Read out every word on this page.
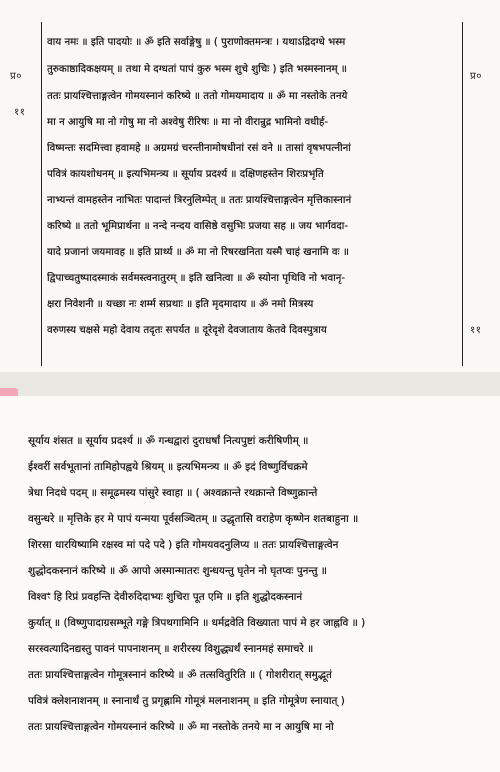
प्र०
११
प्र०
११
वाय नमः ॥ इति पादयोः ॥ ॐ इति सर्वाङ्गेषु ॥ ( पुराणोक्तमन्त्रः । यथाऽद्रिदग्धे भस्म
तुरुकाष्ठादिकक्षयम् ॥ तथा मे दग्धतां पापं कुरु भस्म शुचे शुचिः ) इति भस्मस्नानम् ॥
ततः प्रायश्चित्ताङ्गत्वेन गोमयस्नानं करिष्ये ॥ ततो गोमयमादाय ॥ ॐ मा नस्तोके तनये
मा न आयुषि मा नो गोषु मा नो अश्वेषु रीरिषः ॥ मा नो वीरान्रुद्र भामिनो वधीर्ह-
विष्मन्तः सदमित्त्वा हवामहे ॥ अग्रमग्रं चरन्तीनामोषधीनां रसं वने ॥ तासां वृषभपत्नीनां
पवित्रं कायशोधनम् ॥ इत्यभिमन्त्र्य ॥ सूर्याय प्रदर्श्य ॥ दक्षिणहस्तेन शिरःप्रभृति
नाभ्यन्तं वामहस्तेन नाभितः पादान्तं त्रिरनुलिम्पेत् ॥ ततः प्रायश्चित्ताङ्गत्वेन मृत्तिकास्नानं
करिष्ये ॥ ततो भूमिप्रार्थना ॥ नन्दे नन्दय वासिष्ठे वसुभिः प्रजया सह ॥ जय भार्गवदा-
यादे प्रजानां जयमावह ॥ इति प्रार्थ्य ॥ ॐ मा नो रिषरखनिता यस्मै चाहं खनामि वः ॥
द्विपाच्चतुष्पादस्माकं सर्वमस्त्वनातुरम् ॥ इति खनित्वा ॥ ॐ स्योना पृथिवि नो भवानृ-
क्षरा निवेशनी ॥ यच्छा नः शर्म्म सप्रथाः ॥ इति मृदमादाय ॥ ॐ नमो मित्रस्य
वरुणस्य चक्षसे महो देवाय तदृतः सपर्यत ॥ दूरेदृशे देवजाताय केतवे दिवस्पुत्राय
सूर्याय शंसत ॥ सूर्याय प्रदर्श्य ॥ ॐ गन्धद्वारां दुराधर्षां नित्यपुष्टां करीषिणीम् ॥
ईश्वरीं सर्वभूतानां तामिहोपह्वये श्रियम् ॥ इत्यभिमन्त्र्य ॥ ॐ इदं विष्णुर्विचक्रमे
त्रेधा निदधे पदम् ॥ समूढमस्य पांसुरे स्वाहा ॥ ( अश्वक्रान्ते रथक्रान्ते विष्णुक्रान्ते
वसुन्धरे ॥ मृत्तिके हर मे पापं यन्मया पूर्वसञ्चितम् ॥ उद्धृतासि वराहेण कृष्णेन शतबाहुना ॥
शिरसा धारयिष्यामि रक्षस्व मां पदे पदे ) इति गोमयवदनुलिप्य ॥ ततः प्रायश्चित्ताङ्गत्वेन
शुद्धोदकस्नानं करिष्ये ॥ ॐ आपो अस्मान्मातरः शुन्धयन्तु घृतेन नो घृतप्वः पुनन्तु ॥
विश्वꣳ हि रिप्रं प्रवहन्ति देवीरुदिदाभ्यः शुचिरा पूत एमि ॥ इति शुद्धोदकस्नानं
कुर्यात् ॥ (विष्णुपादाग्रसम्भूते गङ्गे त्रिपथगामिनि ॥ धर्मद्रवेति विख्याता पापं मे हर जाह्नवि ॥ )
सरस्वत्यादिनद्यस्तु पावनं पापनाशनम् ॥ शरीरस्य विशुद्ध्यर्थं स्नानमहं समाचरे ॥
ततः प्रायश्चित्ताङ्गत्वेन गोमूत्रस्नानं करिष्ये ॥ ॐ तत्सवितुरिति ॥ ( गोशरीरात् समुद्भूतं
पवित्रं क्लेशनाशनम् ॥ स्नानार्थं तु प्रगृह्णामि गोमूत्रं मलनाशनम् ॥ इति गोमूत्रेण स्नायात् )
ततः प्रायश्चित्ताङ्गत्वेन गोमयस्नानं करिष्ये ॥ ॐ मा नस्तोके तनये मा न आयुषि मा नो
